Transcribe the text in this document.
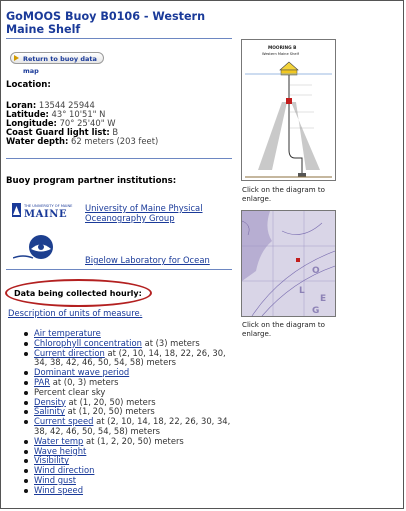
GoMOOS Buoy B0106 - Western Maine Shelf
Return to buoy data map
Location:
Loran: 13544 25944
Latitude: 43° 10'51" N
Longitude: 70° 25'40" W
Coast Guard light list: B
Water depth: 62 meters (203 feet)
Buoy program partner institutions:
THE UNIVERSITY OF MAINE
MAINE
University of Maine Physical Oceanography Group
Bigelow Laboratory for Ocean
Data being collected hourly:
Description of units of measure.
Air temperature
Chlorophyll concentration at (3) meters
Current direction at (2, 10, 14, 18, 22, 26, 30, 34, 38, 42, 46, 50, 54, 58) meters
Dominant wave period
PAR at (0, 3) meters
Percent clear sky
Density at (1, 20, 50) meters
Salinity at (1, 20, 50) meters
Current speed at (2, 10, 14, 18, 22, 26, 30, 34, 38, 42, 46, 50, 54, 58) meters
Water temp at (1, 2, 20, 50) meters
Wave height
Visibility
Wind direction
Wind gust
Wind speed
MOORING B
Western Maine Shelf
Click on the diagram to enlarge.
O
L
E
G
Click on the diagram to enlarge.
